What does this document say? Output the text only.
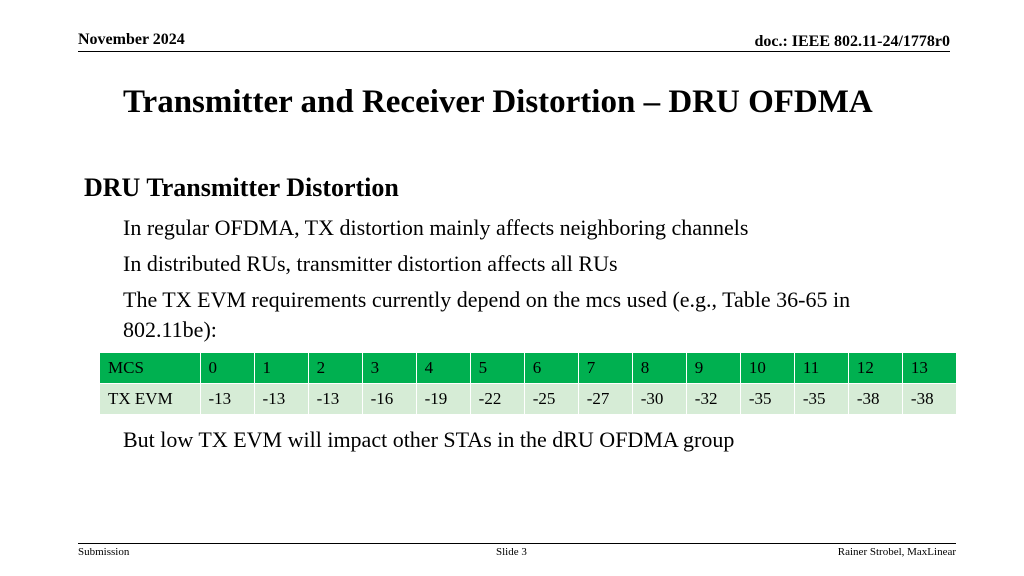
November 2024	doc.: IEEE 802.11-24/1778r0
Transmitter and Receiver Distortion – DRU OFDMA
DRU Transmitter Distortion
In regular OFDMA, TX distortion mainly affects neighboring channels
In distributed RUs, transmitter distortion affects all RUs
The TX EVM requirements currently depend on the mcs used (e.g., Table 36-65 in 802.11be):
MCS	0	1	2	3	4	5	6	7	8	9	10	11	12	13
TX EVM	-13	-13	-13	-16	-19	-22	-25	-27	-30	-32	-35	-35	-38	-38
But low TX EVM will impact other STAs in the dRU OFDMA group
Submission	Slide 3	Rainer Strobel, MaxLinear
